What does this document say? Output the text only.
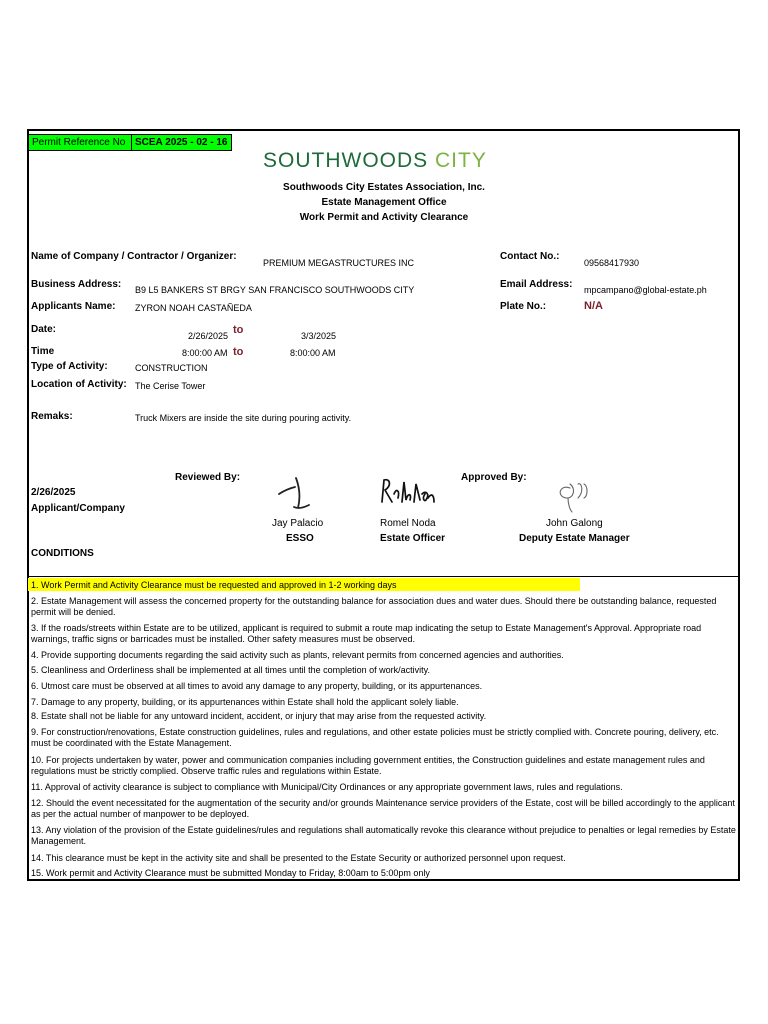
Permit Reference No SCEA 2025 - 02 - 16
SOUTHWOODS CITY
Southwoods City Estates Association, Inc.
Estate Management Office
Work Permit and Activity Clearance
Name of Company / Contractor / Organizer:
PREMIUM MEGASTRUCTURES INC
Contact No.:
09568417930
Business Address: B9 L5 BANKERS ST BRGY SAN FRANCISCO SOUTHWOODS CITY	Email Address: mpcampano@global-estate.ph
Applicants Name: ZYRON NOAH CASTAÑEDA	Plate No.:	N/A
Date:
2/26/2025 to	3/3/2025
Time	8:00:00 AM to	8:00:00 AM
Type of Activity:	CONSTRUCTION
Location of Activity: The Cerise Tower
Remaks:	Truck Mixers are inside the site during pouring activity.
Reviewed By:	Approved By:
2/26/2025
Applicant/Company
Jay Palacio
ESSO
Romel Noda
Estate Officer
John Galong
Deputy Estate Manager
CONDITIONS
1. Work Permit and Activity Clearance must be requested and approved in 1-2 working days
2. Estate Management will assess the concerned property for the outstanding balance for association dues and water dues. Should there be outstanding balance, requested permit will be denied.
3. If the roads/streets within Estate are to be utilized, applicant is required to submit a route map indicating the setup to Estate Management's Approval. Appropriate road warnings, traffic signs or barricades must be installed. Other safety measures must be observed.
4. Provide supporting documents regarding the said activity such as plants, relevant permits from concerned agencies and authorities.
5. Cleanliness and Orderliness shall be implemented at all times until the completion of work/activity.
6. Utmost care must be observed at all times to avoid any damage to any property, building, or its appurtenances.
7. Damage to any property, building, or its appurtenances within Estate shall hold the applicant solely liable.
8. Estate shall not be liable for any untoward incident, accident, or injury that may arise from the requested activity.
9. For construction/renovations, Estate construction guidelines, rules and regulations, and other estate policies must be strictly complied with. Concrete pouring, delivery, etc. must be coordinated with the Estate Management.
10. For projects undertaken by water, power and communication companies including government entities, the Construction guidelines and estate management rules and regulations must be strictly complied. Observe traffic rules and regulations within Estate.
11. Approval of activity clearance is subject to compliance with Municipal/City Ordinances or any appropriate government laws, rules and regulations.
12. Should the event necessitated for the augmentation of the security and/or grounds Maintenance service providers of the Estate, cost will be billed accordingly to the applicant as per the actual number of manpower to be deployed.
13. Any violation of the provision of the Estate guidelines/rules and regulations shall automatically revoke this clearance without prejudice to penalties or legal remedies by Estate Management.
14. This clearance must be kept in the activity site and shall be presented to the Estate Security or authorized personnel upon request.
15. Work permit and Activity Clearance must be submitted Monday to Friday, 8:00am to 5:00pm only
